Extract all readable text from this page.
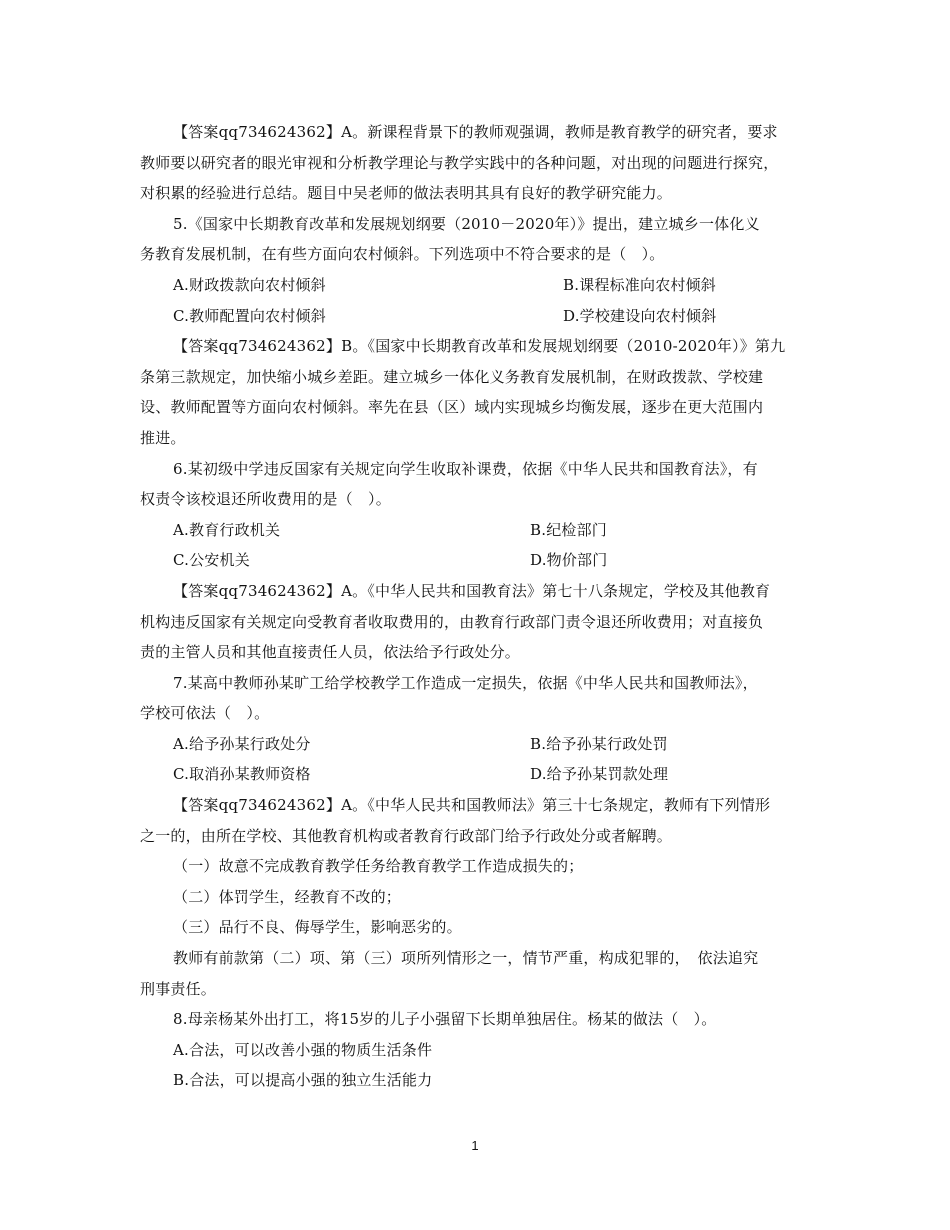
【答案qq734624362】A。新课程背景下的教师观强调，教师是教育教学的研究者，要求
教师要以研究者的眼光审视和分析教学理论与教学实践中的各种问题，对出现的问题进行探究，
对积累的经验进行总结。题目中吴老师的做法表明其具有良好的教学研究能力。
5.《国家中长期教育改革和发展规划纲要（2010－2020年）》提出，建立城乡一体化义
务教育发展机制，在有些方面向农村倾斜。下列选项中不符合要求的是（　）。
A.财政拨款向农村倾斜	B.课程标准向农村倾斜
C.教师配置向农村倾斜	D.学校建设向农村倾斜
【答案qq734624362】B。《国家中长期教育改革和发展规划纲要（2010-2020年）》第九
条第三款规定，加快缩小城乡差距。建立城乡一体化义务教育发展机制，在财政拨款、学校建
设、教师配置等方面向农村倾斜。率先在县（区）域内实现城乡均衡发展，逐步在更大范围内
推进。
6.某初级中学违反国家有关规定向学生收取补课费，依据《中华人民共和国教育法》，有
权责令该校退还所收费用的是（　）。
A.教育行政机关	B.纪检部门
C.公安机关	D.物价部门
【答案qq734624362】A。《中华人民共和国教育法》第七十八条规定，学校及其他教育
机构违反国家有关规定向受教育者收取费用的，由教育行政部门责令退还所收费用；对直接负
责的主管人员和其他直接责任人员，依法给予行政处分。
7.某高中教师孙某旷工给学校教学工作造成一定损失，依据《中华人民共和国教师法》，
学校可依法（　）。
A.给予孙某行政处分	B.给予孙某行政处罚
C.取消孙某教师资格	D.给予孙某罚款处理
【答案qq734624362】A。《中华人民共和国教师法》第三十七条规定，教师有下列情形
之一的，由所在学校、其他教育机构或者教育行政部门给予行政处分或者解聘。
（一）故意不完成教育教学任务给教育教学工作造成损失的；
（二）体罚学生，经教育不改的；
（三）品行不良、侮辱学生，影响恶劣的。
教师有前款第（二）项、第（三）项所列情形之一，情节严重，构成犯罪的，　依法追究
刑事责任。
8.母亲杨某外出打工，将15岁的儿子小强留下长期单独居住。杨某的做法（　）。
A.合法，可以改善小强的物质生活条件
B.合法，可以提高小强的独立生活能力
1
